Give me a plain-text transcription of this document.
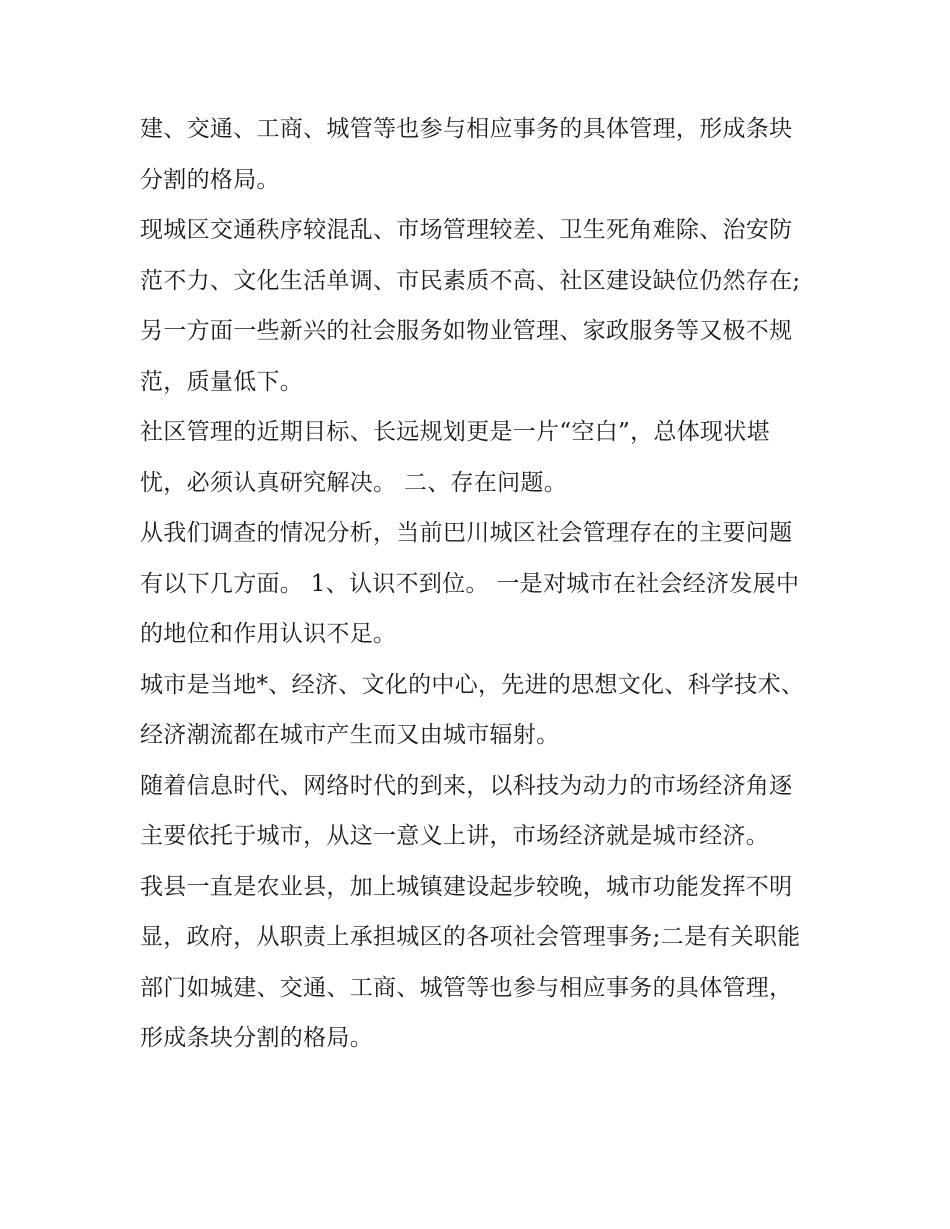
建、交通、工商、城管等也参与相应事务的具体管理，形成条块分割的格局。

现城区交通秩序较混乱、市场管理较差、卫生死角难除、治安防范不力、文化生活单调、市民素质不高、社区建设缺位仍然存在;另一方面一些新兴的社会服务如物业管理、家政服务等又极不规范，质量低下。

社区管理的近期目标、长远规划更是一片“空白”，总体现状堪忧，必须认真研究解决。 二、存在问题。

从我们调查的情况分析，当前巴川城区社会管理存在的主要问题有以下几方面。 1、认识不到位。 一是对城市在社会经济发展中的地位和作用认识不足。

城市是当地*、经济、文化的中心，先进的思想文化、科学技术、经济潮流都在城市产生而又由城市辐射。

随着信息时代、网络时代的到来，以科技为动力的市场经济角逐主要依托于城市，从这一意义上讲，市场经济就是城市经济。

我县一直是农业县，加上城镇建设起步较晚，城市功能发挥不明显，政府，从职责上承担城区的各项社会管理事务;二是有关职能部门如城建、交通、工商、城管等也参与相应事务的具体管理，形成条块分割的格局。
